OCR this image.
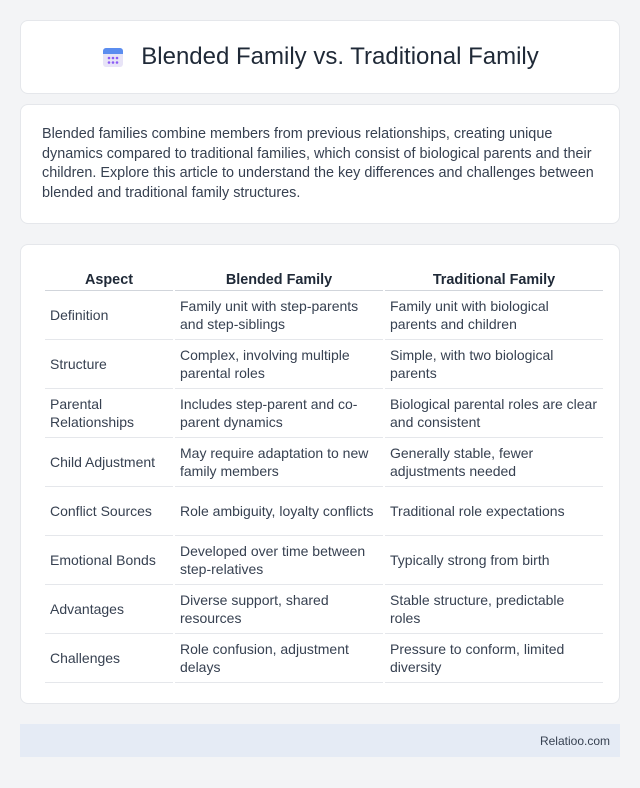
Blended Family vs. Traditional Family

Blended families combine members from previous relationships, creating unique dynamics compared to traditional families, which consist of biological parents and their children. Explore this article to understand the key differences and challenges between blended and traditional family structures.

Aspect	Blended Family	Traditional Family
Definition	Family unit with step-parents and step-siblings	Family unit with biological parents and children
Structure	Complex, involving multiple parental roles	Simple, with two biological parents
Parental Relationships	Includes step-parent and co-parent dynamics	Biological parental roles are clear and consistent
Child Adjustment	May require adaptation to new family members	Generally stable, fewer adjustments needed
Conflict Sources	Role ambiguity, loyalty conflicts	Traditional role expectations
Emotional Bonds	Developed over time between step-relatives	Typically strong from birth
Advantages	Diverse support, shared resources	Stable structure, predictable roles
Challenges	Role confusion, adjustment delays	Pressure to conform, limited diversity
Relatioo.com
